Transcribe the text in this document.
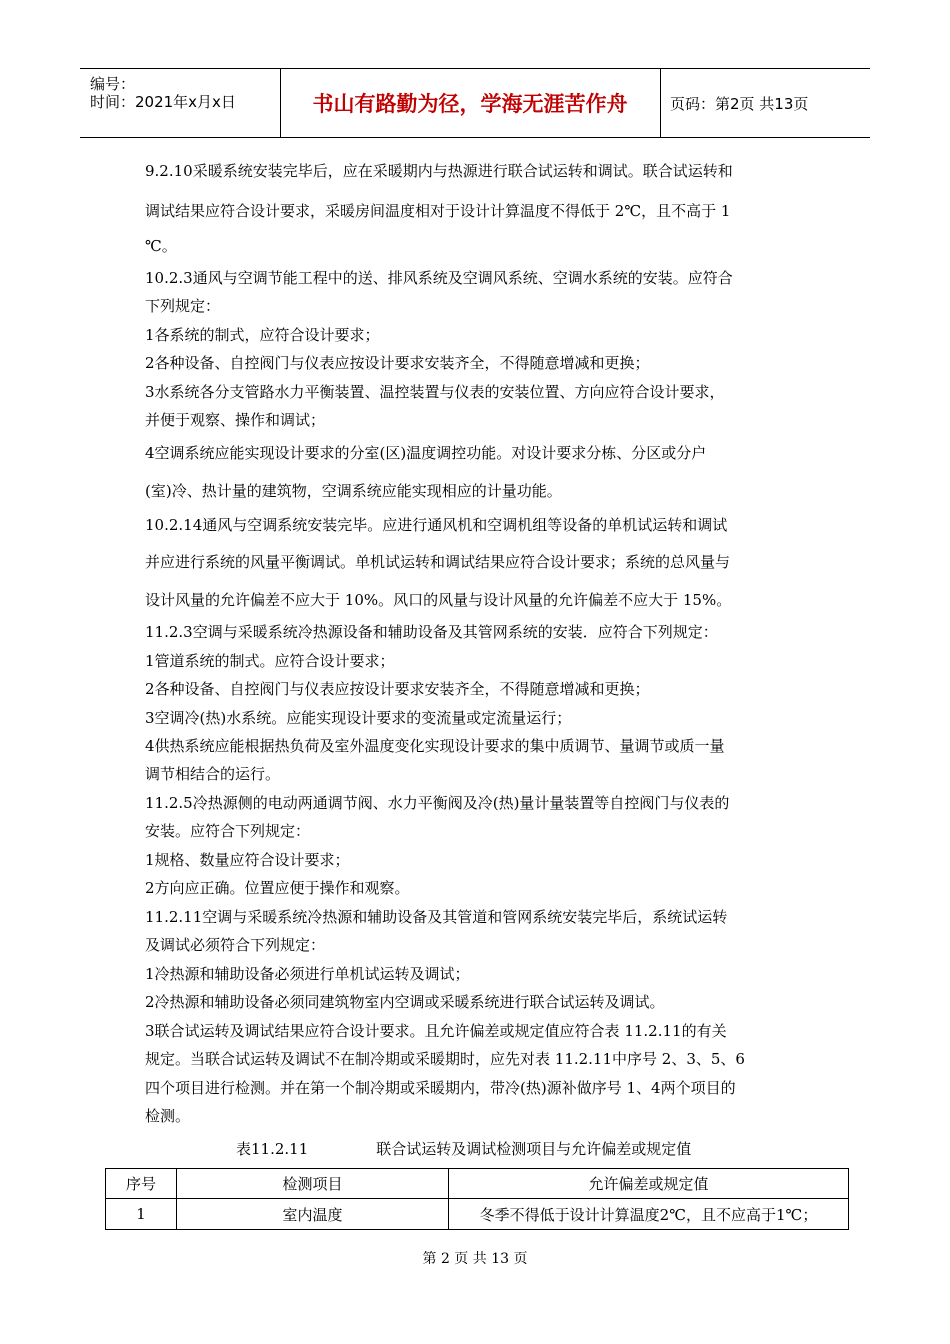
编号：
时间：2021年x月x日	书山有路勤为径，学海无涯苦作舟	页码：第2页 共13页
9.2.10采暖系统安装完毕后，应在采暖期内与热源进行联合试运转和调试。联合试运转和
调试结果应符合设计要求，采暖房间温度相对于设计计算温度不得低于 2℃，且不高于 1
℃。
10.2.3通风与空调节能工程中的送、排风系统及空调风系统、空调水系统的安装。应符合
下列规定：
1各系统的制式，应符合设计要求；
2各种设备、自控阀门与仪表应按设计要求安装齐全，不得随意增减和更换；
3水系统各分支管路水力平衡装置、温控装置与仪表的安装位置、方向应符合设计要求，
并便于观察、操作和调试；
4空调系统应能实现设计要求的分室(区)温度调控功能。对设计要求分栋、分区或分户
(室)冷、热计量的建筑物，空调系统应能实现相应的计量功能。
10.2.14通风与空调系统安装完毕。应进行通风机和空调机组等设备的单机试运转和调试
并应进行系统的风量平衡调试。单机试运转和调试结果应符合设计要求；系统的总风量与
设计风量的允许偏差不应大于 10%。风口的风量与设计风量的允许偏差不应大于 15%。
11.2.3空调与采暖系统冷热源设备和辅助设备及其管网系统的安装．应符合下列规定：
1管道系统的制式。应符合设计要求；
2各种设备、自控阀门与仪表应按设计要求安装齐全，不得随意增减和更换；
3空调冷(热)水系统。应能实现设计要求的变流量或定流量运行；
4供热系统应能根据热负荷及室外温度变化实现设计要求的集中质调节、量调节或质一量
调节相结合的运行。
11.2.5冷热源侧的电动两通调节阀、水力平衡阀及冷(热)量计量装置等自控阀门与仪表的
安装。应符合下列规定：
1规格、数量应符合设计要求；
2方向应正确。位置应便于操作和观察。
11.2.11空调与采暖系统冷热源和辅助设备及其管道和管网系统安装完毕后，系统试运转
及调试必须符合下列规定：
1冷热源和辅助设备必须进行单机试运转及调试；
2冷热源和辅助设备必须同建筑物室内空调或采暖系统进行联合试运转及调试。
3联合试运转及调试结果应符合设计要求。且允许偏差或规定值应符合表 11.2.11的有关
规定。当联合试运转及调试不在制冷期或采暖期时，应先对表 11.2.11中序号 2、3、5、6
四个项目进行检测。并在第一个制冷期或采暖期内，带冷(热)源补做序号 1、4两个项目的
检测。
表11.2.11	联合试运转及调试检测项目与允许偏差或规定值
序号	检测项目	允许偏差或规定值
1	室内温度	冬季不得低于设计计算温度2℃，且不应高于1℃；
第 2 页 共 13 页
